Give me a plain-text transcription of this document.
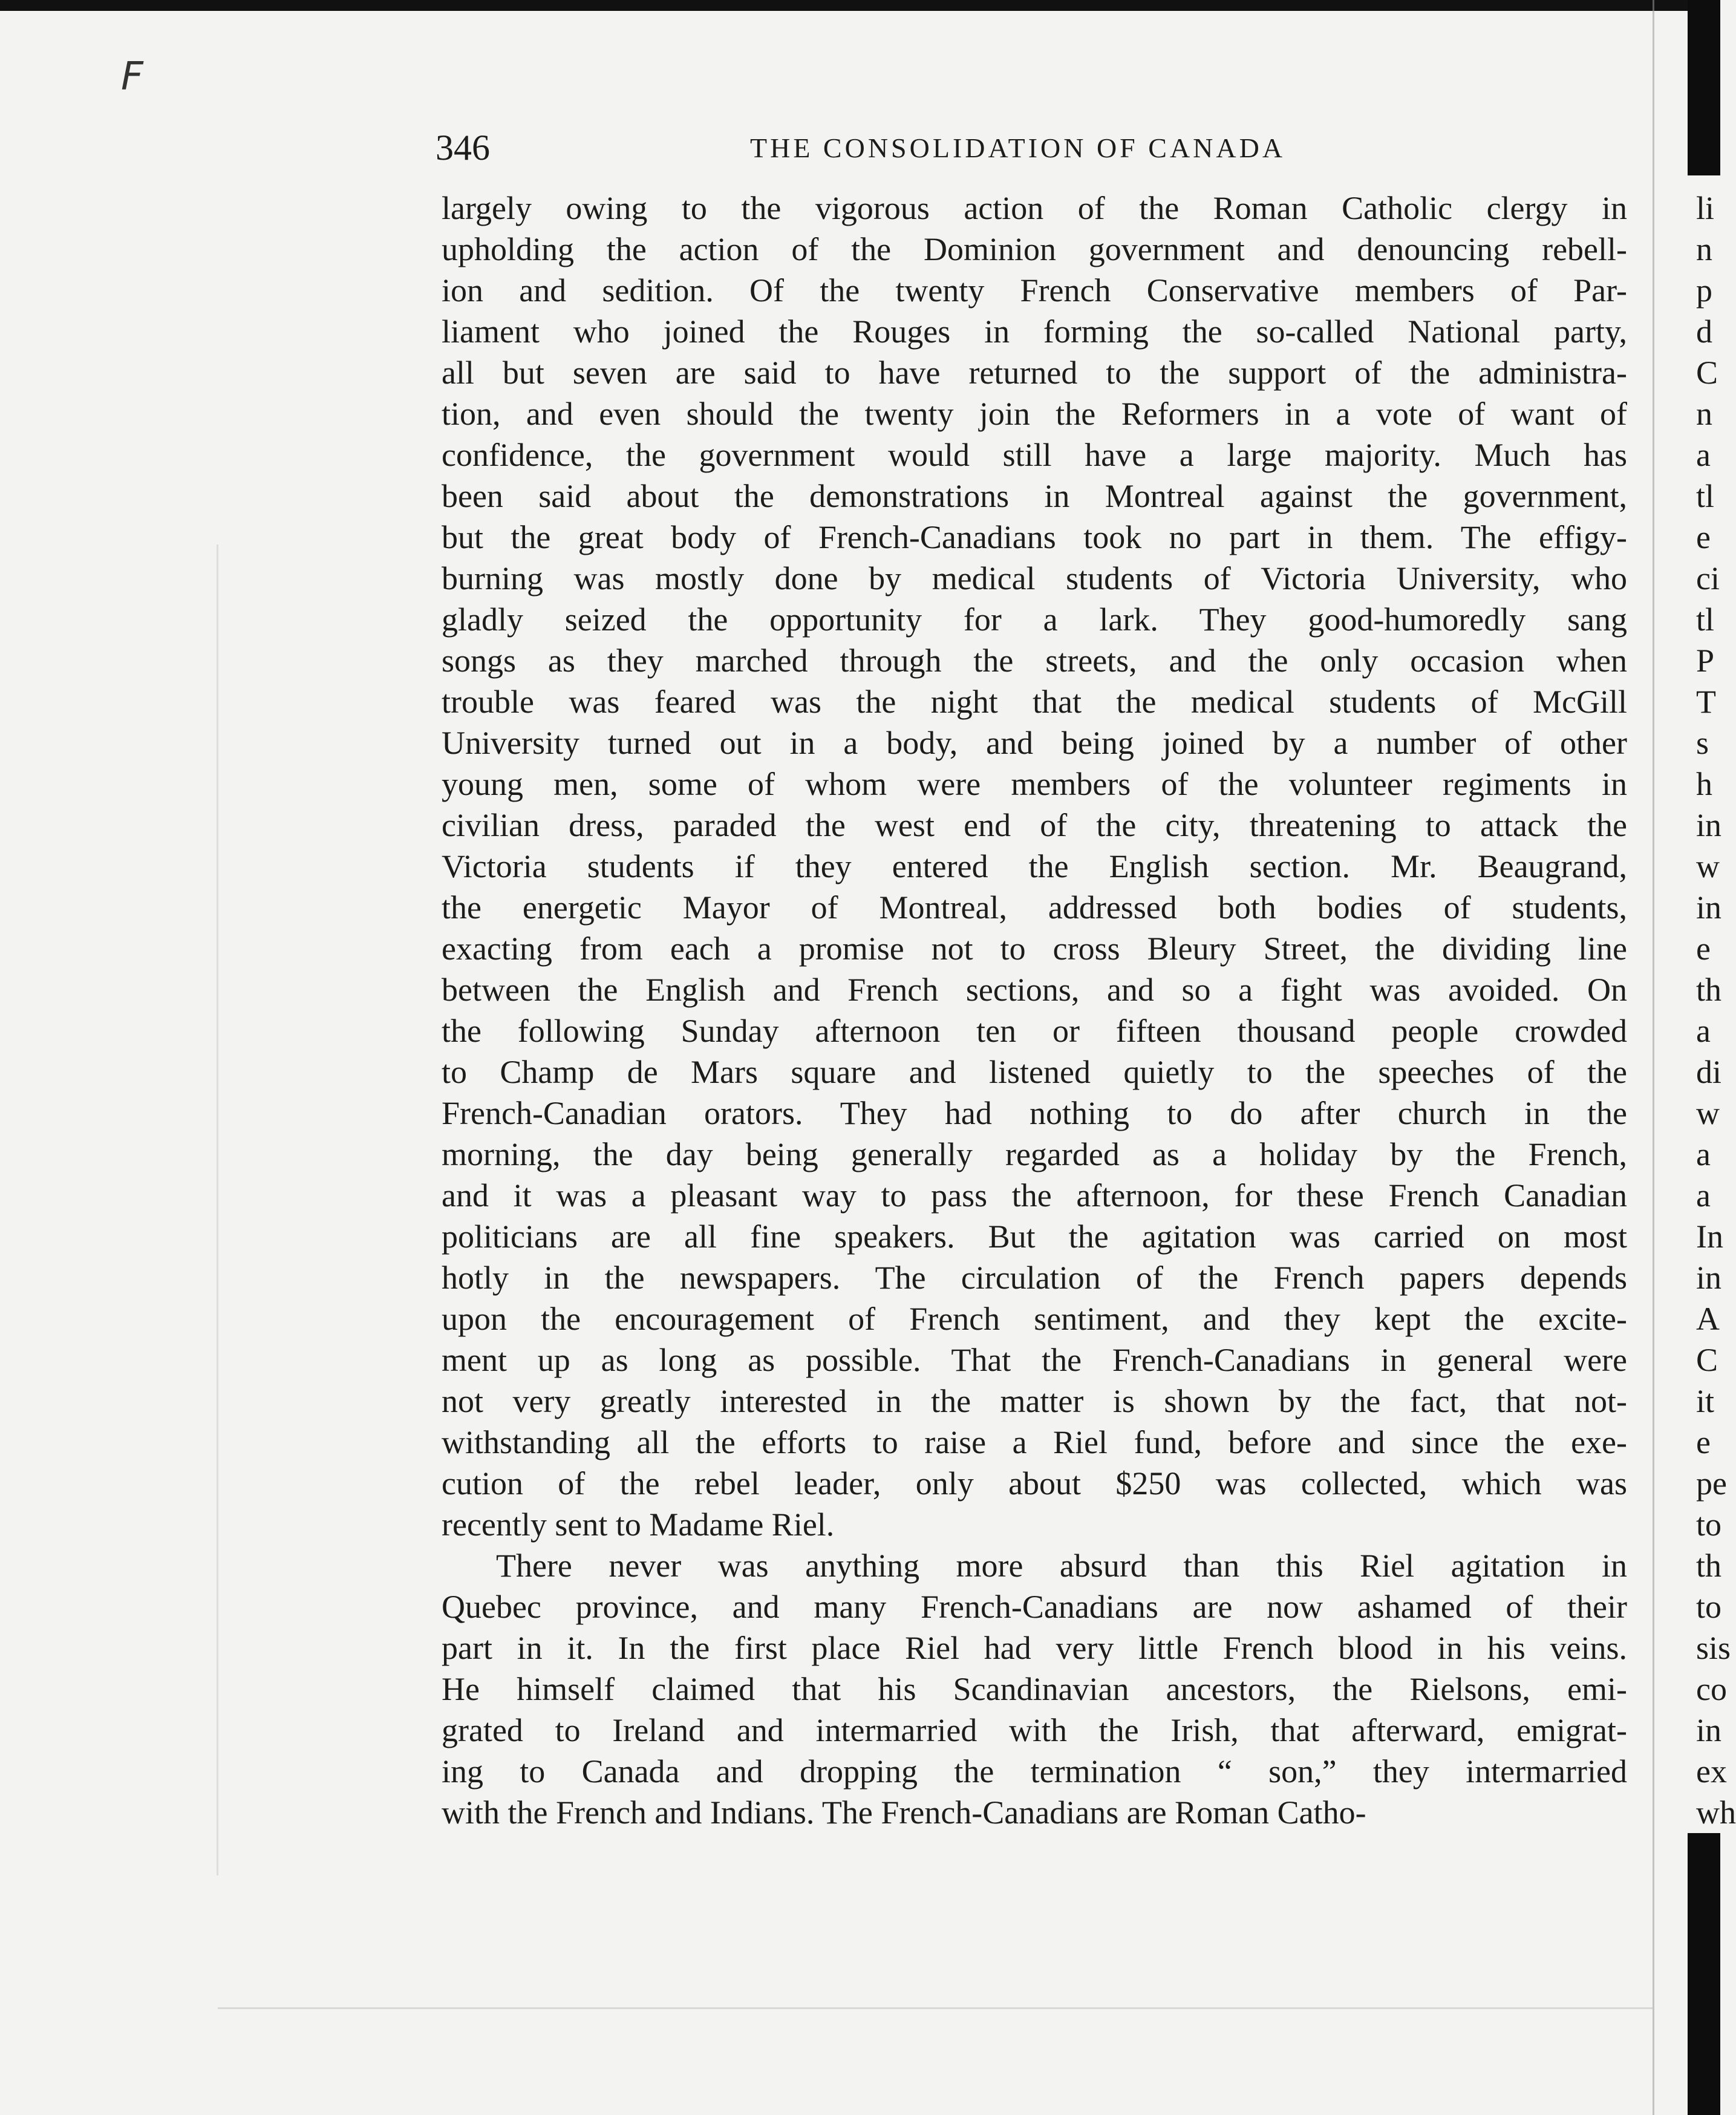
F
346	THE CONSOLIDATION OF CANADA
largely owing to the vigorous action of the Roman Catholic clergy in
upholding the action of the Dominion government and denouncing rebell-
ion and sedition. Of the twenty French Conservative members of Par-
liament who joined the Rouges in forming the so-called National party,
all but seven are said to have returned to the support of the administra-
tion, and even should the twenty join the Reformers in a vote of want of
confidence, the government would still have a large majority. Much has
been said about the demonstrations in Montreal against the government,
but the great body of French-Canadians took no part in them. The effigy-
burning was mostly done by medical students of Victoria University, who
gladly seized the opportunity for a lark. They good-humoredly sang
songs as they marched through the streets, and the only occasion when
trouble was feared was the night that the medical students of McGill
University turned out in a body, and being joined by a number of other
young men, some of whom were members of the volunteer regiments in
civilian dress, paraded the west end of the city, threatening to attack the
Victoria students if they entered the English section. Mr. Beaugrand,
the energetic Mayor of Montreal, addressed both bodies of students,
exacting from each a promise not to cross Bleury Street, the dividing line
between the English and French sections, and so a fight was avoided. On
the following Sunday afternoon ten or fifteen thousand people crowded
to Champ de Mars square and listened quietly to the speeches of the
French-Canadian orators. They had nothing to do after church in the
morning, the day being generally regarded as a holiday by the French,
and it was a pleasant way to pass the afternoon, for these French Canadian
politicians are all fine speakers. But the agitation was carried on most
hotly in the newspapers. The circulation of the French papers depends
upon the encouragement of French sentiment, and they kept the excite-
ment up as long as possible. That the French-Canadians in general were
not very greatly interested in the matter is shown by the fact, that not-
withstanding all the efforts to raise a Riel fund, before and since the exe-
cution of the rebel leader, only about $250 was collected, which was
recently sent to Madame Riel.
There never was anything more absurd than this Riel agitation in
Quebec province, and many French-Canadians are now ashamed of their
part in it. In the first place Riel had very little French blood in his veins.
He himself claimed that his Scandinavian ancestors, the Rielsons, emi-
grated to Ireland and intermarried with the Irish, that afterward, emigrat-
ing to Canada and dropping the termination “ son,” they intermarried
with the French and Indians. The French-Canadians are Roman Catho-
li
n
p
d
C
n
a
tl
e
ci
tl
P
T
s
h
in
w
in
e
th
a
di
w
a
a
In
in
A
C
it
e
pe
to
th
to
sis
co
in
ex
wh
